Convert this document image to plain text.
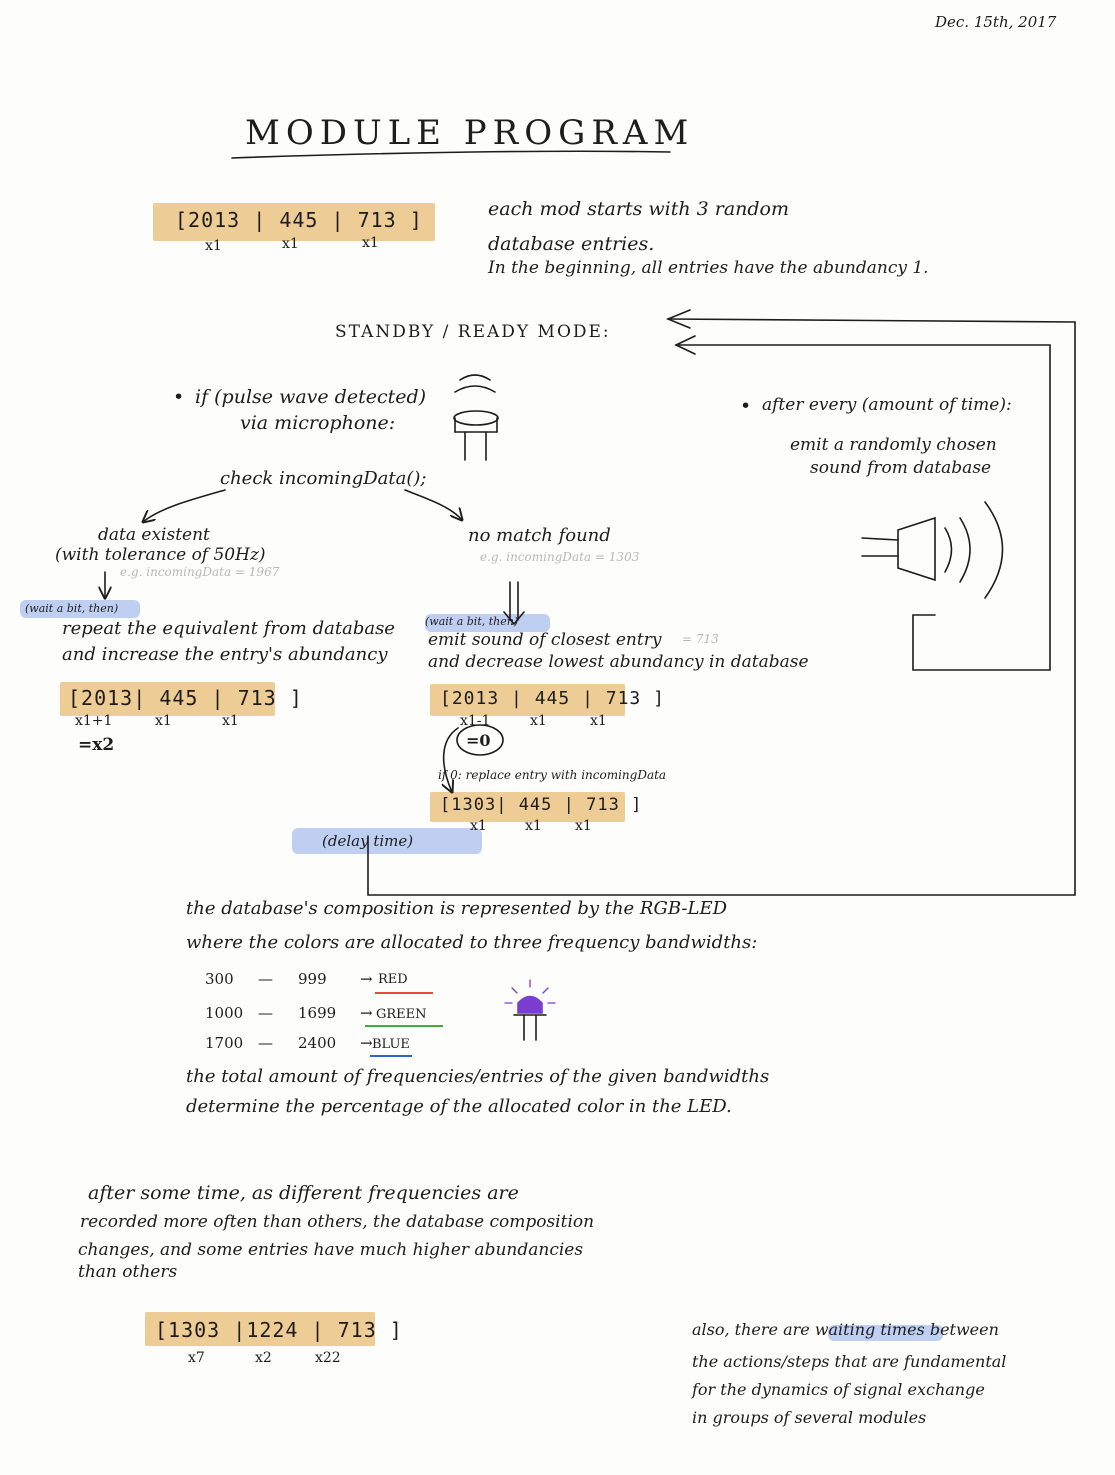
Dec. 15th, 2017
MODULE PROGRAM
[2013 | 445 | 713 ]
x1	x1	x1
each mod starts with 3 random
database entries.
In the beginning, all entries have the abundancy 1.
STANDBY / READY MODE:
• if (pulse wave detected)
via microphone:
• after every (amount of time):
emit a randomly chosen
sound from database
check incomingData();
data existent
(with tolerance of 50Hz)
e.g. incomingData = 1967
(wait a bit, then)
repeat the equivalent from database
and increase the entry's abundancy
[2013| 445 | 713 ]
x1+1	x1	x1
=x2
no match found
e.g. incomingData = 1303
(wait a bit, then)
emit sound of closest entry = 713
and decrease lowest abundancy in database
[2013 | 445 | 713 ]
x1-1	x1	x1
=0
if 0: replace entry with incomingData
[1303| 445 | 713 ]
x1	x1 x1
(delay time)
the database's composition is represented by the RGB-LED
where the colors are allocated to three frequency bandwidths:
300 — 999 → RED
1000 — 1699 → GREEN
1700 — 2400 → BLUE
the total amount of frequencies/entries of the given bandwidths
determine the percentage of the allocated color in the LED.
after some time, as different frequencies are
recorded more often than others, the database composition
changes, and some entries have much higher abundancies
than others
[1303 |1224 | 713 ]
x7	x2	x22
also, there are waiting times between
the actions/steps that are fundamental
for the dynamics of signal exchange
in groups of several modules
